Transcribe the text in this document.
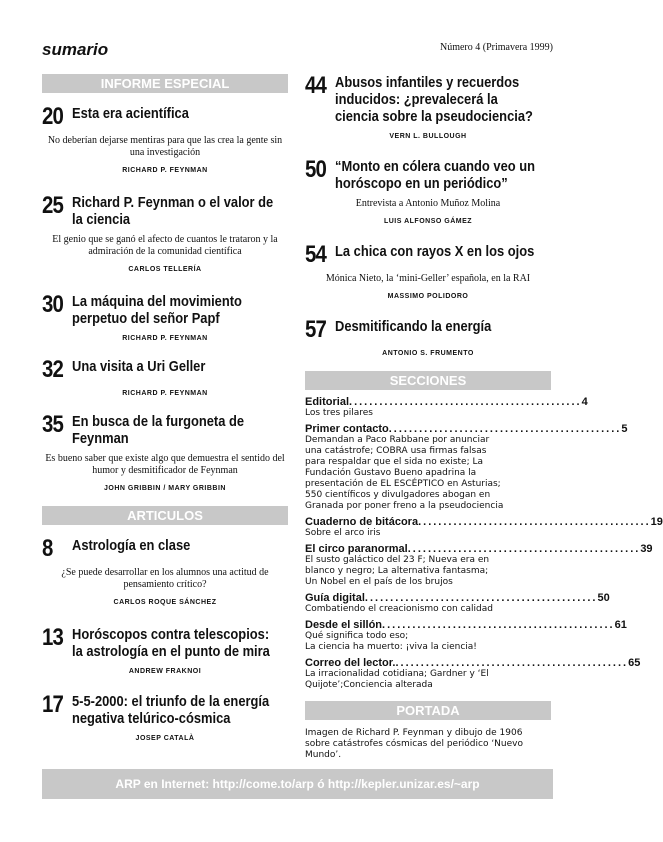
sumario	Número 4 (Primavera 1999)
INFORME ESPECIAL
20 Esta era acientífica
No deberían dejarse mentiras para que las crea la gente sin una investigación
RICHARD P. FEYNMAN
25 Richard P. Feynman o el valor de la ciencia
El genio que se ganó el afecto de cuantos le trataron y la admiración de la comunidad científica
CARLOS TELLERÍA
30 La máquina del movimiento perpetuo del señor Papf
RICHARD P. FEYNMAN
32 Una visita a Uri Geller
RICHARD P. FEYNMAN
35 En busca de la furgoneta de Feynman
Es bueno saber que existe algo que demuestra el sentido del humor y desmitificador de Feynman
JOHN GRIBBIN / MARY GRIBBIN
ARTICULOS
8	Astrología en clase
¿Se puede desarrollar en los alumnos una actitud de pensamiento crítico?
CARLOS ROQUE SÁNCHEZ
13 Horóscopos contra telescopios: la astrología en el punto de mira
ANDREW FRAKNOI
17 5-5-2000: el triunfo de la energía negativa telúrico-cósmica
JOSEP CATALÀ
44 Abusos infantiles y recuerdos inducidos: ¿prevalecerá la ciencia sobre la pseudociencia?
VERN L. BULLOUGH
50 “Monto en cólera cuando veo un horóscopo en un periódico”
Entrevista a Antonio Muñoz Molina
LUIS ALFONSO GÁMEZ
54 La chica con rayos X en los ojos
Mónica Nieto, la ‘mini-Geller’ española, en la RAI
MASSIMO POLIDORO
57 Desmitificando la energía
ANTONIO S. FRUMENTO
SECCIONES
Editorial .............................................. 4
Los tres pilares
Primer contacto .............................................. 5
Demandan a Paco Rabbane por anunciar
una catástrofe; COBRA usa firmas falsas
para respaldar que el sida no existe; La
Fundación Gustavo Bueno apadrina la
presentación de EL ESCÉPTICO en Asturias;
550 científicos y divulgadores abogan en
Granada por poner freno a la pseudociencia
Cuaderno de bitácora .............................................. 19
Sobre el arco iris
El circo paranormal .............................................. 39
El susto galáctico del 23 F; Nueva era en
blanco y negro; La alternativa fantasma;
Un Nobel en el país de los brujos
Guía digital .............................................. 50
Combatiendo el creacionismo con calidad
Desde el sillón .............................................. 61
Qué significa todo eso;
La ciencia ha muerto: ¡viva la ciencia!
Correo del lector. .............................................. 65
La irracionalidad cotidiana; Gardner y ‘El
Quijote’;Conciencia alterada
PORTADA
Imagen de Richard P. Feynman y dibujo de 1906
sobre catástrofes cósmicas del periódico ‘Nuevo
Mundo’.
ARP en Internet: http://come.to/arp ó http://kepler.unizar.es/~arp
